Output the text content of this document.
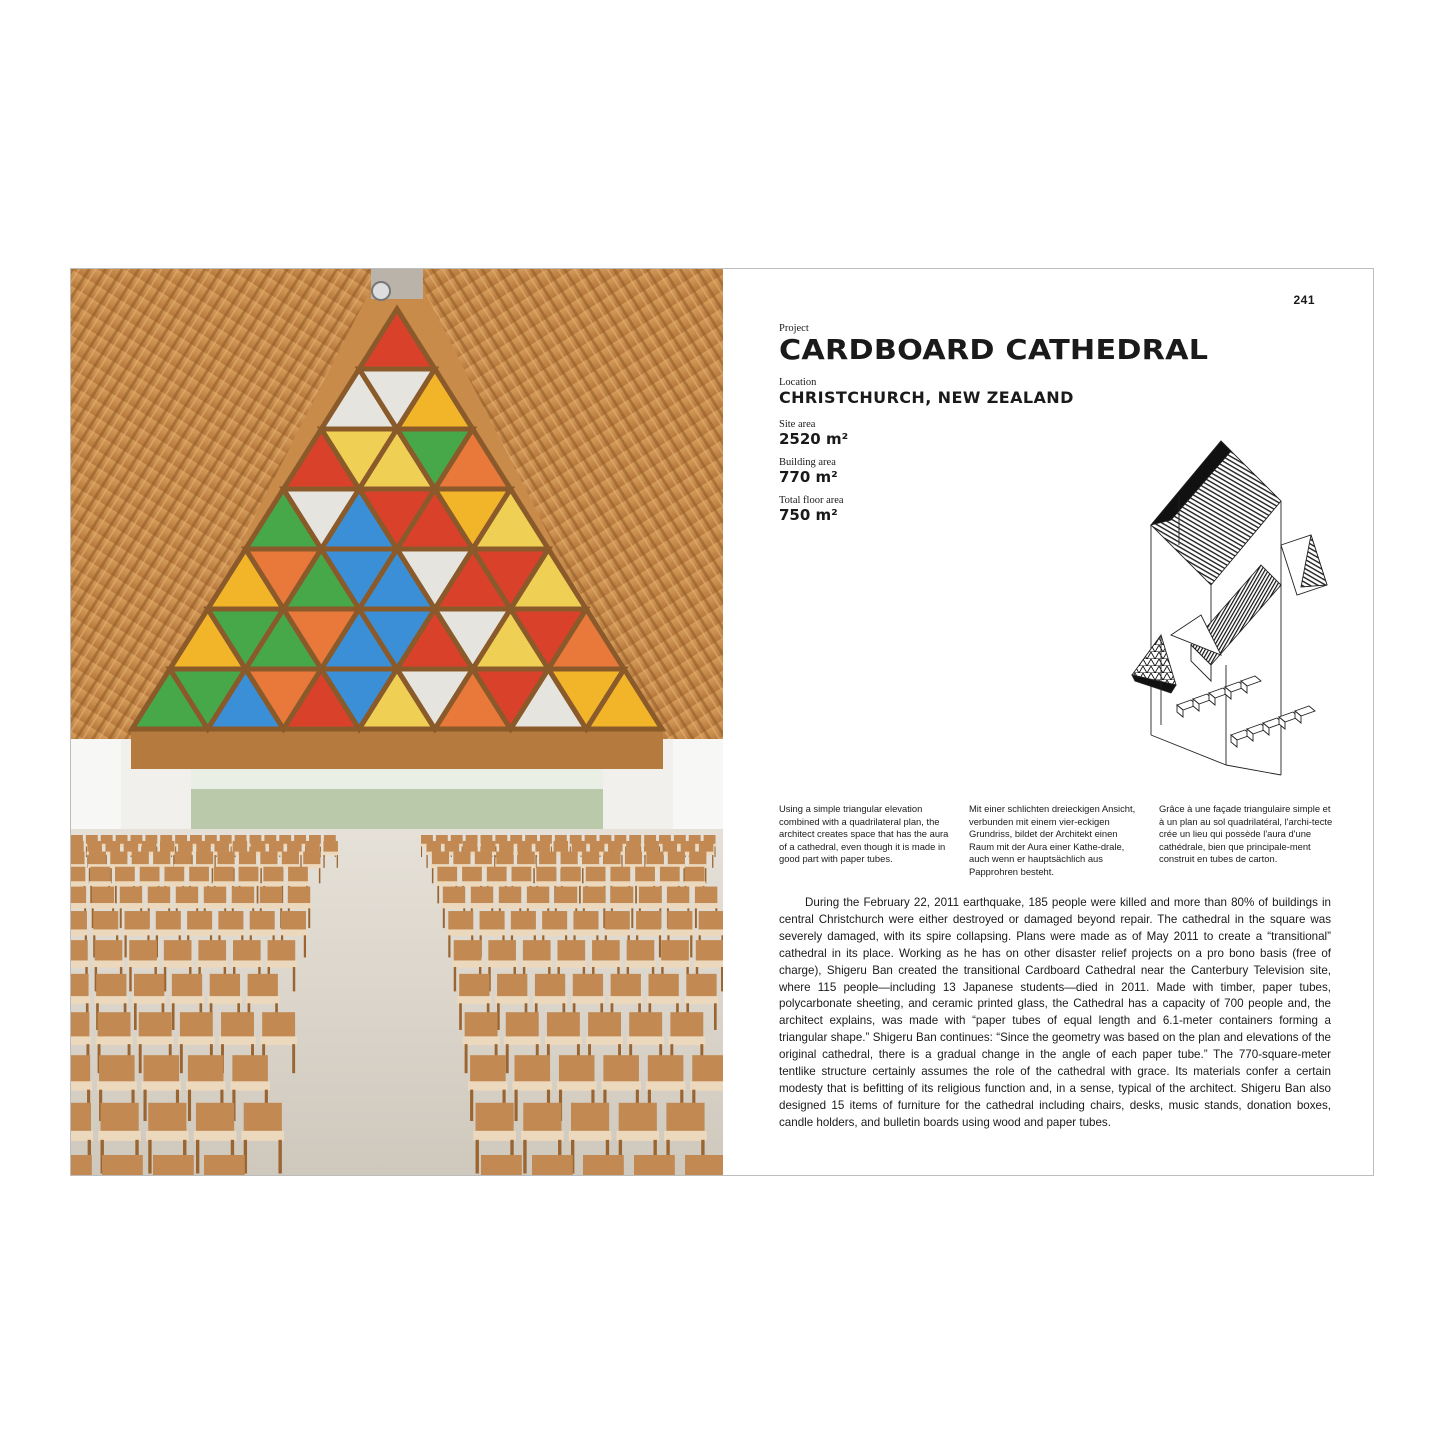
241

Project

CARDBOARD CATHEDRAL

Location

CHRISTCHURCH, NEW ZEALAND

Site area

2520 m²

Building area

770 m²

Total floor area

750 m²

Using a simple triangular elevation combined with a quadrilateral plan, the architect creates space that has the aura of a cathedral, even though it is made in good part with paper tubes.
Mit einer schlichten dreieckigen Ansicht, verbunden mit einem vier-eckigen Grundriss, bildet der Architekt einen Raum mit der Aura einer Kathe-drale, auch wenn er hauptsächlich aus Papprohren besteht.
Grâce à une façade triangulaire simple et à un plan au sol quadrilatéral, l'archi-tecte crée un lieu qui possède l'aura d'une cathédrale, bien que principale-ment construit en tubes de carton.

During the February 22, 2011 earthquake, 185 people were killed and more than 80% of buildings in central Christchurch were either destroyed or damaged beyond repair. The cathedral in the square was severely damaged, with its spire collapsing. Plans were made as of May 2011 to create a “transitional” cathedral in its place. Working as he has on other disaster relief projects on a pro bono basis (free of charge), Shigeru Ban created the transitional Cardboard Cathedral near the Canterbury Television site, where 115 people—including 13 Japanese students—died in 2011. Made with timber, paper tubes, polycarbonate sheeting, and ceramic printed glass, the Cathedral has a capacity of 700 people and, the architect explains, was made with “paper tubes of equal length and 6.1-meter containers forming a triangular shape.” Shigeru Ban continues: “Since the geometry was based on the plan and elevations of the original cathedral, there is a gradual change in the angle of each paper tube.” The 770-square-meter tentlike structure certainly assumes the role of the cathedral with grace. Its materials confer a certain modesty that is befitting of its religious function and, in a sense, typical of the architect. Shigeru Ban also designed 15 items of furniture for the cathedral including chairs, desks, music stands, donation boxes, candle holders, and bulletin boards using wood and paper tubes.
